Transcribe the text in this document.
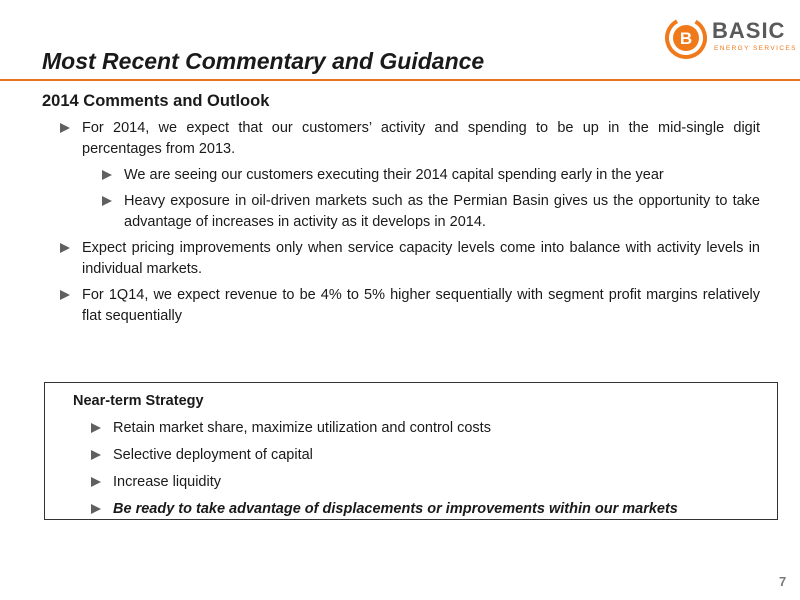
B BASIC
ENERGY SERVICES
Most Recent Commentary and Guidance
2014 Comments and Outlook
For 2014, we expect that our customers’ activity and spending to be up in the mid-single digit percentages from 2013.
We are seeing our customers executing their 2014 capital spending early in the year
Heavy exposure in oil-driven markets such as the Permian Basin gives us the opportunity to take advantage of increases in activity as it develops in 2014.
Expect pricing improvements only when service capacity levels come into balance with activity levels in individual markets.
For 1Q14, we expect revenue to be 4% to 5% higher sequentially with segment profit margins relatively flat sequentially
Near-term Strategy
Retain market share, maximize utilization and control costs
Selective deployment of capital
Increase liquidity
Be ready to take advantage of displacements or improvements within our markets
7
